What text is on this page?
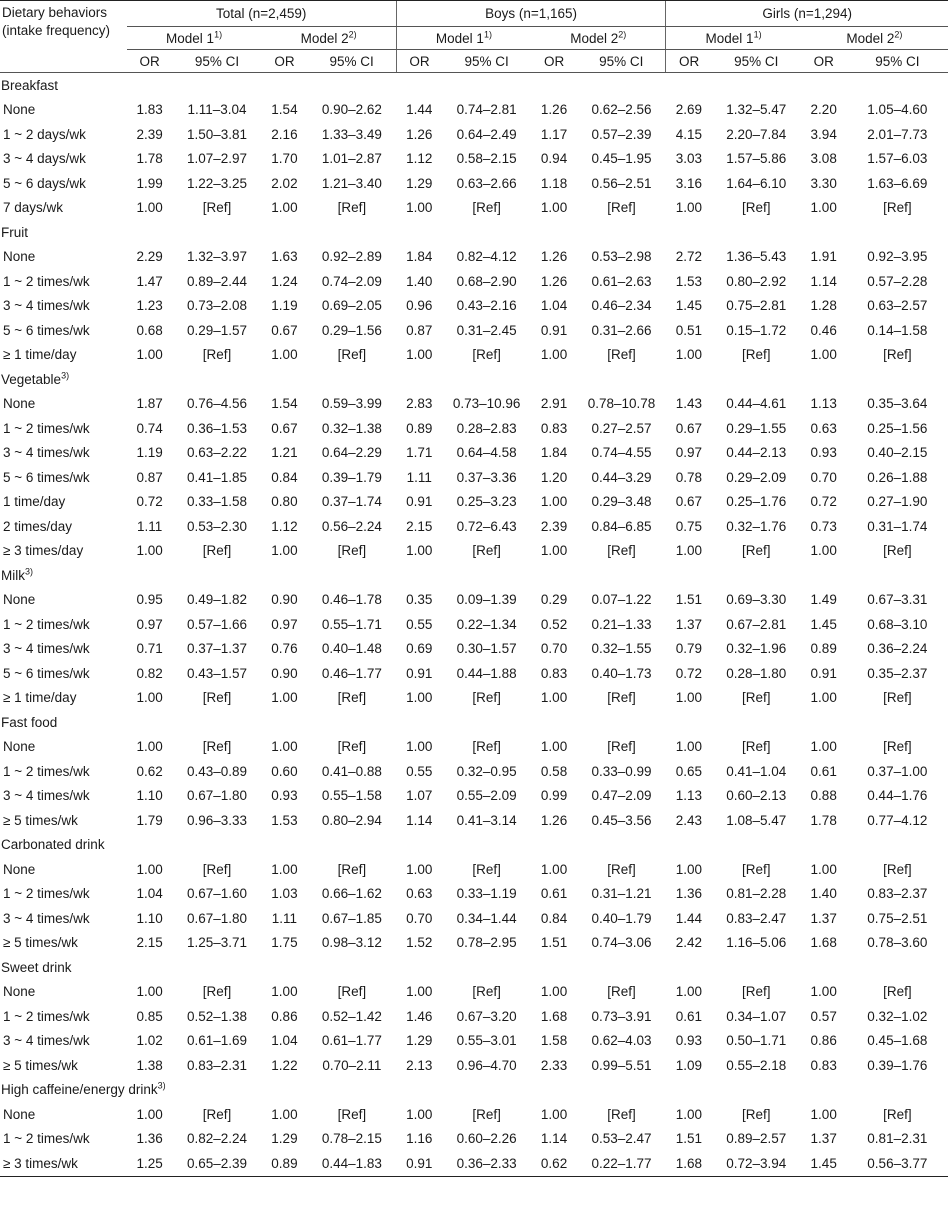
Dietary behaviors
(intake frequency)	Total (n=2,459)				Boys (n=1,165)				Girls (n=1,294)			
	Model 1$^{1)}$		Model 2$^{2)}$		Model 1$^{1)}$		Model 2$^{2)}$		Model 1$^{1)}$		Model 2$^{2)}$
	OR	95% CI	OR	95% CI	OR	95% CI	OR	95% CI	OR	95% CI	OR	95% CI
Breakfast												
None	1.83	1.11–3.04	1.54	0.90–2.62	1.44	0.74–2.81	1.26	0.62–2.56	2.69	1.32–5.47	2.20	1.05–4.60
1 ~ 2 days/wk	2.39	1.50–3.81	2.16	1.33–3.49	1.26	0.64–2.49	1.17	0.57–2.39	4.15	2.20–7.84	3.94	2.01–7.73
3 ~ 4 days/wk	1.78	1.07–2.97	1.70	1.01–2.87	1.12	0.58–2.15	0.94	0.45–1.95	3.03	1.57–5.86	3.08	1.57–6.03
5 ~ 6 days/wk	1.99	1.22–3.25	2.02	1.21–3.40	1.29	0.63–2.66	1.18	0.56–2.51	3.16	1.64–6.10	3.30	1.63–6.69
7 days/wk	1.00	[Ref]	1.00	[Ref]	1.00	[Ref]	1.00	[Ref]	1.00	[Ref]	1.00	[Ref]
Fruit												
None	2.29	1.32–3.97	1.63	0.92–2.89	1.84	0.82–4.12	1.26	0.53–2.98	2.72	1.36–5.43	1.91	0.92–3.95
1 ~ 2 times/wk	1.47	0.89–2.44	1.24	0.74–2.09	1.40	0.68–2.90	1.26	0.61–2.63	1.53	0.80–2.92	1.14	0.57–2.28
3 ~ 4 times/wk	1.23	0.73–2.08	1.19	0.69–2.05	0.96	0.43–2.16	1.04	0.46–2.34	1.45	0.75–2.81	1.28	0.63–2.57
5 ~ 6 times/wk	0.68	0.29–1.57	0.67	0.29–1.56	0.87	0.31–2.45	0.91	0.31–2.66	0.51	0.15–1.72	0.46	0.14–1.58
≥ 1 time/day	1.00	[Ref]	1.00	[Ref]	1.00	[Ref]	1.00	[Ref]	1.00	[Ref]	1.00	[Ref]
Vegetable$^{3)}$
None	1.87	0.76–4.56	1.54	0.59–3.99	2.83	0.73–10.96	2.91	0.78–10.78	1.43	0.44–4.61	1.13	0.35–3.64
1 ~ 2 times/wk	0.74	0.36–1.53	0.67	0.32–1.38	0.89	0.28–2.83	0.83	0.27–2.57	0.67	0.29–1.55	0.63	0.25–1.56
3 ~ 4 times/wk	1.19	0.63–2.22	1.21	0.64–2.29	1.71	0.64–4.58	1.84	0.74–4.55	0.97	0.44–2.13	0.93	0.40–2.15
5 ~ 6 times/wk	0.87	0.41–1.85	0.84	0.39–1.79	1.11	0.37–3.36	1.20	0.44–3.29	0.78	0.29–2.09	0.70	0.26–1.88
1 time/day	0.72	0.33–1.58	0.80	0.37–1.74	0.91	0.25–3.23	1.00	0.29–3.48	0.67	0.25–1.76	0.72	0.27–1.90
2 times/day	1.11	0.53–2.30	1.12	0.56–2.24	2.15	0.72–6.43	2.39	0.84–6.85	0.75	0.32–1.76	0.73	0.31–1.74
≥ 3 times/day	1.00	[Ref]	1.00	[Ref]	1.00	[Ref]	1.00	[Ref]	1.00	[Ref]	1.00	[Ref]
Milk$^{3)}$
None	0.95	0.49–1.82	0.90	0.46–1.78	0.35	0.09–1.39	0.29	0.07–1.22	1.51	0.69–3.30	1.49	0.67–3.31
1 ~ 2 times/wk	0.97	0.57–1.66	0.97	0.55–1.71	0.55	0.22–1.34	0.52	0.21–1.33	1.37	0.67–2.81	1.45	0.68–3.10
3 ~ 4 times/wk	0.71	0.37–1.37	0.76	0.40–1.48	0.69	0.30–1.57	0.70	0.32–1.55	0.79	0.32–1.96	0.89	0.36–2.24
5 ~ 6 times/wk	0.82	0.43–1.57	0.90	0.46–1.77	0.91	0.44–1.88	0.83	0.40–1.73	0.72	0.28–1.80	0.91	0.35–2.37
≥ 1 time/day	1.00	[Ref]	1.00	[Ref]	1.00	[Ref]	1.00	[Ref]	1.00	[Ref]	1.00	[Ref]
Fast food												
None	1.00	[Ref]	1.00	[Ref]	1.00	[Ref]	1.00	[Ref]	1.00	[Ref]	1.00	[Ref]
1 ~ 2 times/wk	0.62	0.43–0.89	0.60	0.41–0.88	0.55	0.32–0.95	0.58	0.33–0.99	0.65	0.41–1.04	0.61	0.37–1.00
3 ~ 4 times/wk	1.10	0.67–1.80	0.93	0.55–1.58	1.07	0.55–2.09	0.99	0.47–2.09	1.13	0.60–2.13	0.88	0.44–1.76
≥ 5 times/wk	1.79	0.96–3.33	1.53	0.80–2.94	1.14	0.41–3.14	1.26	0.45–3.56	2.43	1.08–5.47	1.78	0.77–4.12
Carbonated drink												
None	1.00	[Ref]	1.00	[Ref]	1.00	[Ref]	1.00	[Ref]	1.00	[Ref]	1.00	[Ref]
1 ~ 2 times/wk	1.04	0.67–1.60	1.03	0.66–1.62	0.63	0.33–1.19	0.61	0.31–1.21	1.36	0.81–2.28	1.40	0.83–2.37
3 ~ 4 times/wk	1.10	0.67–1.80	1.11	0.67–1.85	0.70	0.34–1.44	0.84	0.40–1.79	1.44	0.83–2.47	1.37	0.75–2.51
≥ 5 times/wk	2.15	1.25–3.71	1.75	0.98–3.12	1.52	0.78–2.95	1.51	0.74–3.06	2.42	1.16–5.06	1.68	0.78–3.60
Sweet drink												
None	1.00	[Ref]	1.00	[Ref]	1.00	[Ref]	1.00	[Ref]	1.00	[Ref]	1.00	[Ref]
1 ~ 2 times/wk	0.85	0.52–1.38	0.86	0.52–1.42	1.46	0.67–3.20	1.68	0.73–3.91	0.61	0.34–1.07	0.57	0.32–1.02
3 ~ 4 times/wk	1.02	0.61–1.69	1.04	0.61–1.77	1.29	0.55–3.01	1.58	0.62–4.03	0.93	0.50–1.71	0.86	0.45–1.68
≥ 5 times/wk	1.38	0.83–2.31	1.22	0.70–2.11	2.13	0.96–4.70	2.33	0.99–5.51	1.09	0.55–2.18	0.83	0.39–1.76
High caffeine/energy drink$^{3)}$
None	1.00	[Ref]	1.00	[Ref]	1.00	[Ref]	1.00	[Ref]	1.00	[Ref]	1.00	[Ref]
1 ~ 2 times/wk	1.36	0.82–2.24	1.29	0.78–2.15	1.16	0.60–2.26	1.14	0.53–2.47	1.51	0.89–2.57	1.37	0.81–2.31
≥ 3 times/wk	1.25	0.65–2.39	0.89	0.44–1.83	0.91	0.36–2.33	0.62	0.22–1.77	1.68	0.72–3.94	1.45	0.56–3.77
